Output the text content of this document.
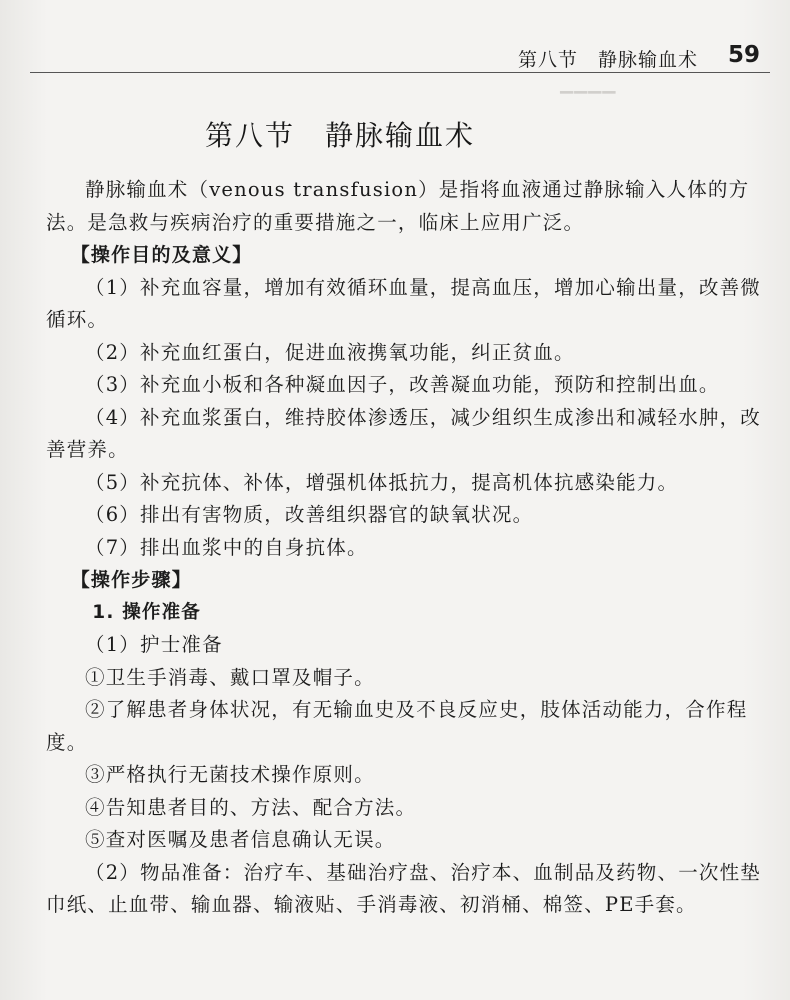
▔▔▔▔
第八节　静脉输血术 59
第八节　静脉输血术

静脉输血术（venous transfusion）是指将血液通过静脉输入人体的方法。是急救与疾病治疗的重要措施之一，临床上应用广泛。

【操作目的及意义】

（1）补充血容量，增加有效循环血量，提高血压，增加心输出量，改善微循环。

（2）补充血红蛋白，促进血液携氧功能，纠正贫血。

（3）补充血小板和各种凝血因子，改善凝血功能，预防和控制出血。

（4）补充血浆蛋白，维持胶体渗透压，减少组织生成渗出和减轻水肿，改善营养。

（5）补充抗体、补体，增强机体抵抗力，提高机体抗感染能力。

（6）排出有害物质，改善组织器官的缺氧状况。

（7）排出血浆中的自身抗体。

【操作步骤】

1. 操作准备

（1）护士准备

①卫生手消毒、戴口罩及帽子。

②了解患者身体状况，有无输血史及不良反应史，肢体活动能力，合作程度。

③严格执行无菌技术操作原则。

④告知患者目的、方法、配合方法。

⑤查对医嘱及患者信息确认无误。

（2）物品准备：治疗车、基础治疗盘、治疗本、血制品及药物、一次性垫巾纸、止血带、输血器、输液贴、手消毒液、初消桶、棉签、PE手套。
